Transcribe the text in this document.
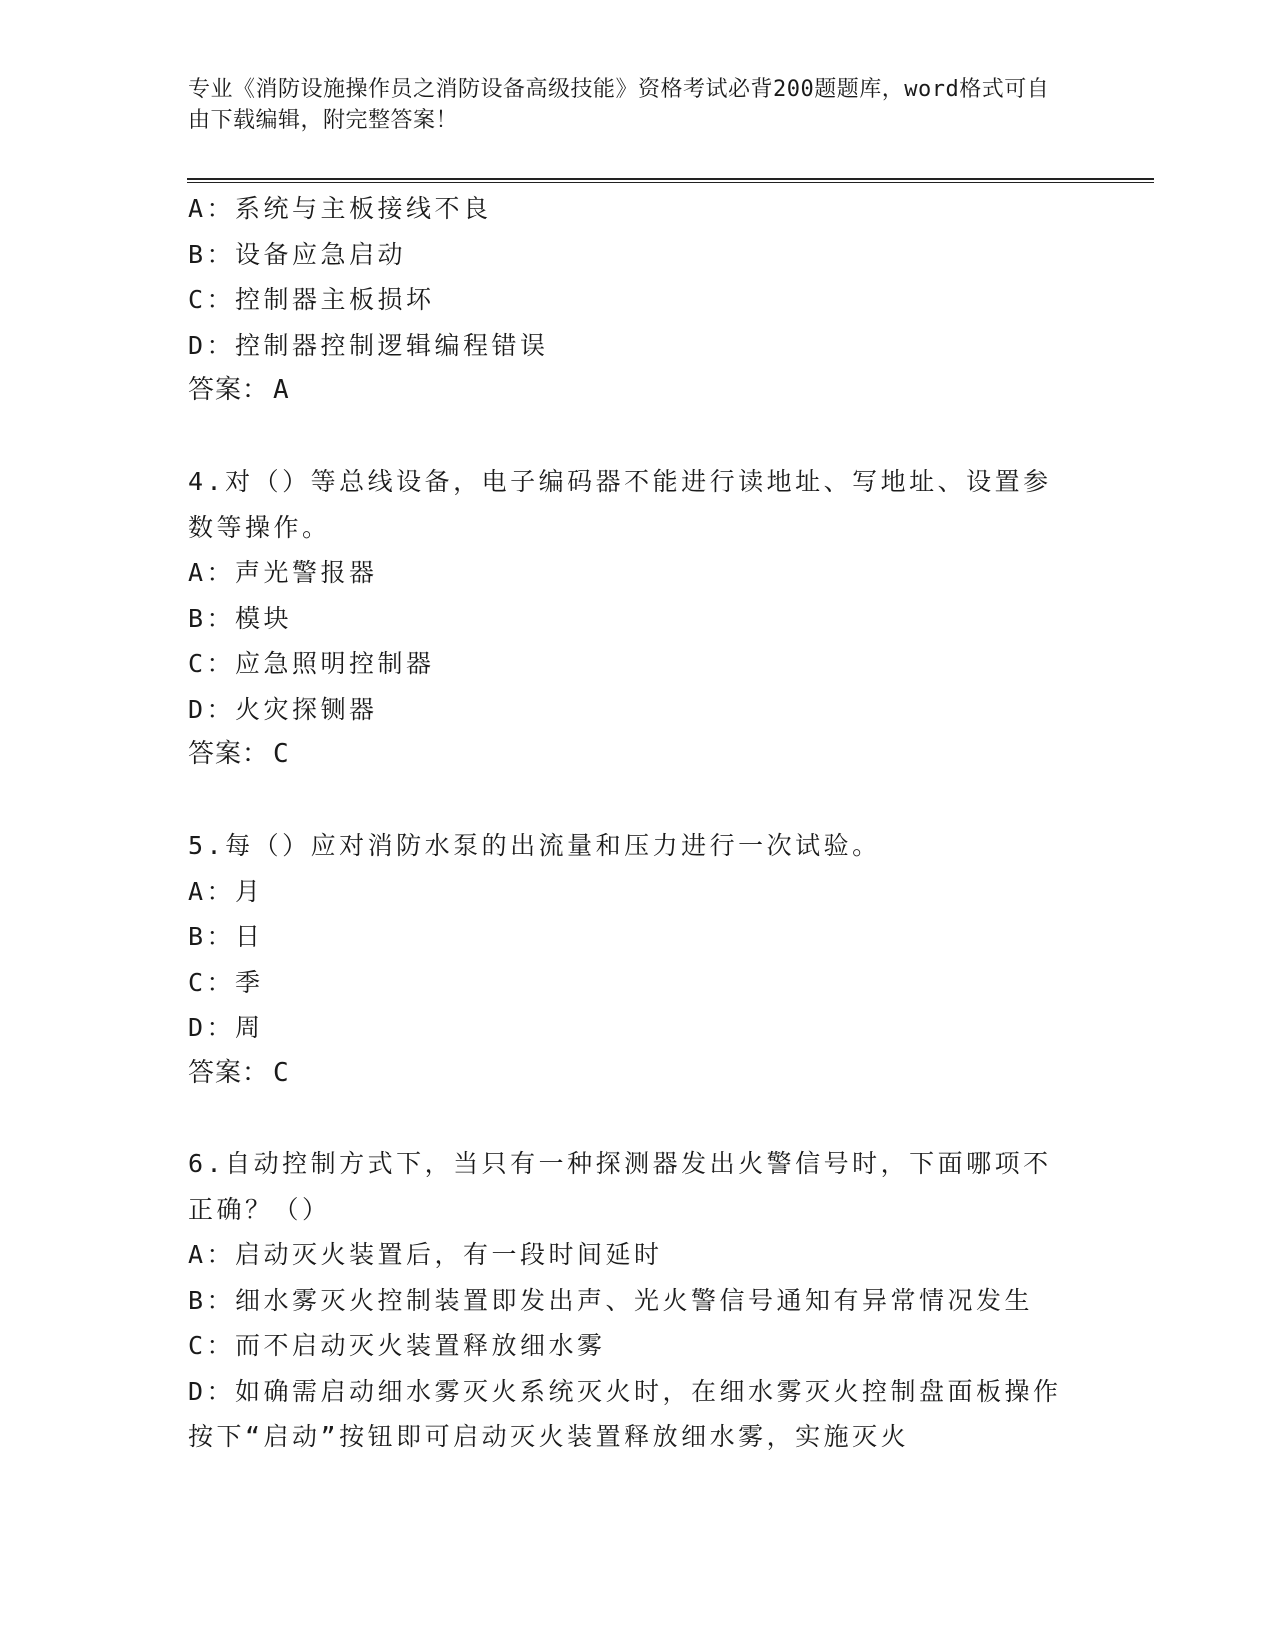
专业《消防设施操作员之消防设备高级技能》资格考试必背200题题库，word格式可自由下载编辑，附完整答案！
A：系统与主板接线不良
B：设备应急启动
C：控制器主板损坏
D：控制器控制逻辑编程错误
答案： A
4.对（）等总线设备，电子编码器不能进行读地址、写地址、设置参
数等操作。
A：声光警报器
B：模块
C：应急照明控制器
D：火灾探铡器
答案： C
5.每（）应对消防水泵的出流量和压力进行一次试验。
A：月
B：日
C：季
D：周
答案： C
6.自动控制方式下，当只有一种探测器发出火警信号时，下面哪项不
正确？（）
A：启动灭火装置后，有一段时间延时
B：细水雾灭火控制装置即发出声、光火警信号通知有异常情况发生
C：而不启动灭火装置释放细水雾
D：如确需启动细水雾灭火系统灭火时，在细水雾灭火控制盘面板操作
按下“启动”按钮即可启动灭火装置释放细水雾，实施灭火
